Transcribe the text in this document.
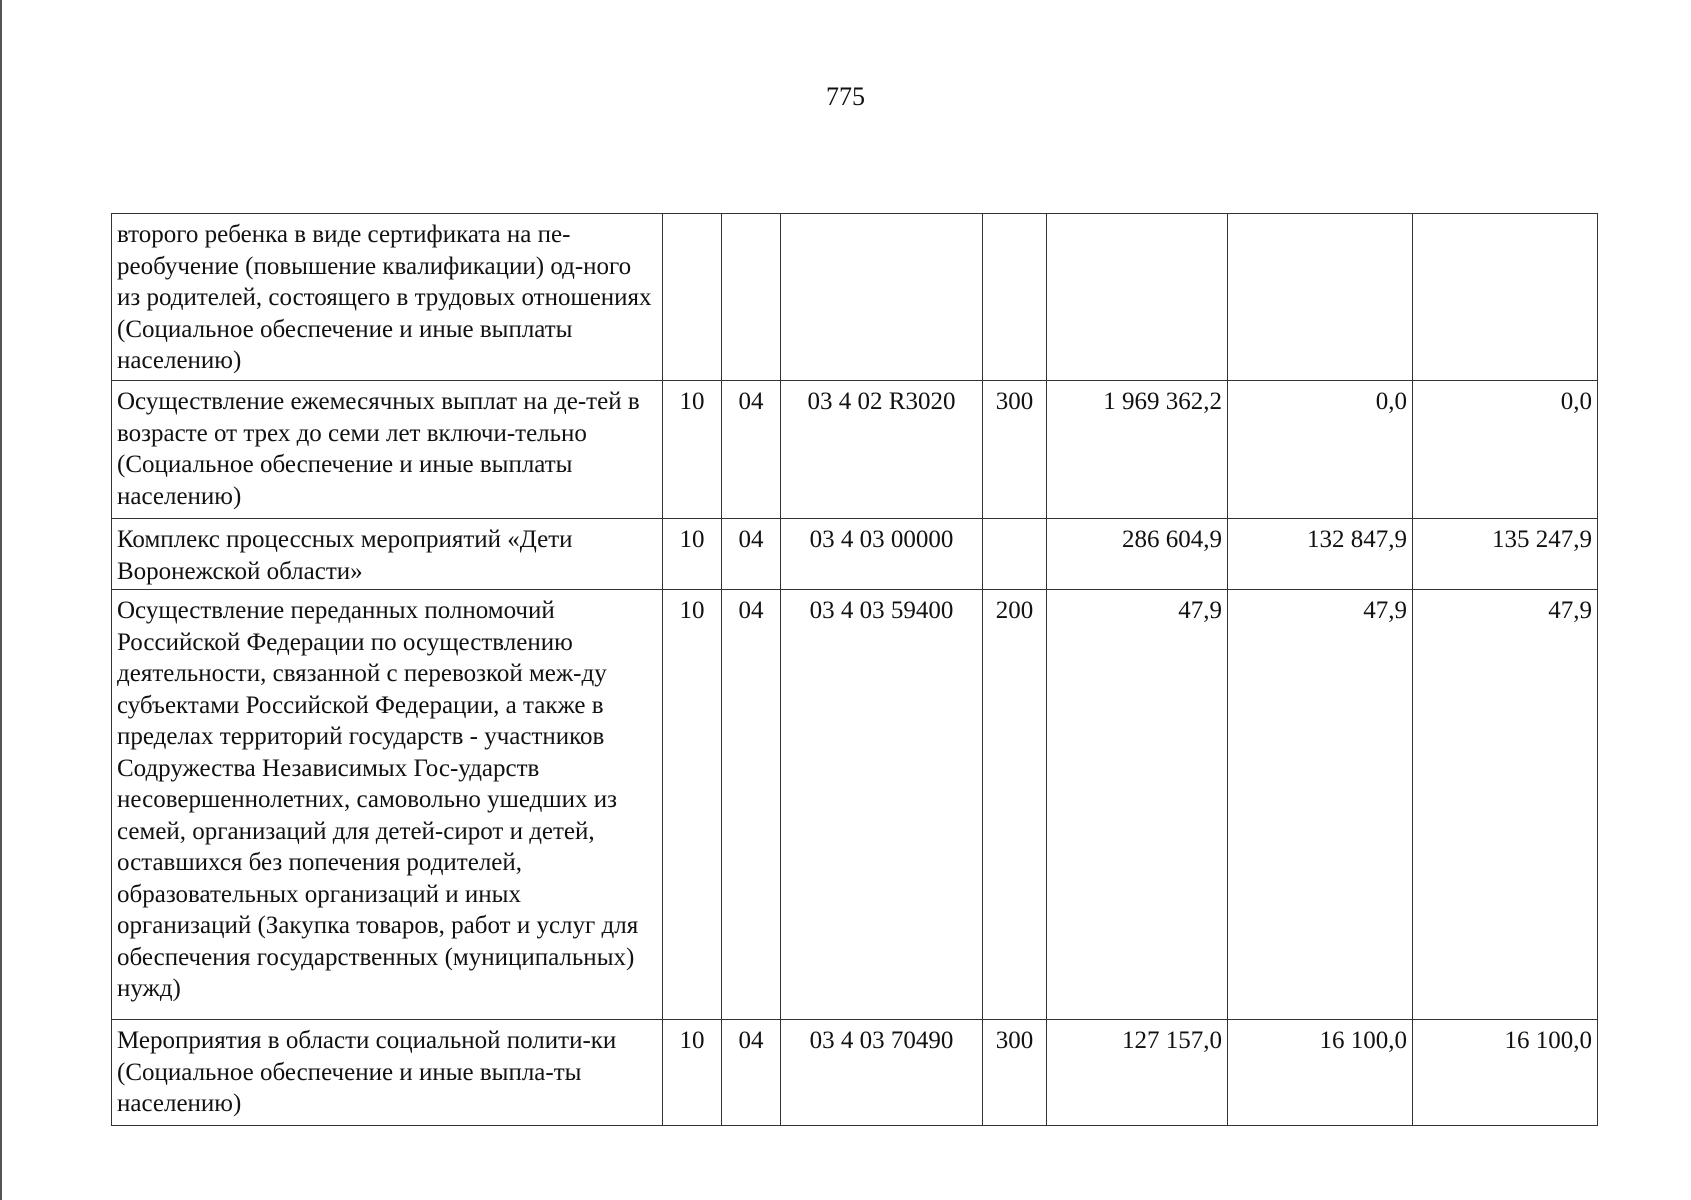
775
второго ребенка в виде сертификата на пе-реобучение (повышение квалификации) од-ного из родителей, состоящего в трудовых отношениях (Социальное обеспечение и иные выплаты населению)							
Осуществление ежемесячных выплат на де-тей в возрасте от трех до семи лет включи-тельно (Социальное обеспечение и иные выплаты населению)	10	04	03 4 02 R3020	300	1 969 362,2	0,0	0,0
Комплекс процессных мероприятий «Дети Воронежской области»	10	04	03 4 03 00000		286 604,9	132 847,9	135 247,9
Осуществление переданных полномочий Российской Федерации по осуществлению деятельности, связанной с перевозкой меж-ду субъектами Российской Федерации, а также в пределах территорий государств - участников Содружества Независимых Гос-ударств несовершеннолетних, самовольно ушедших из семей, организаций для детей-сирот и детей, оставшихся без попечения родителей, образовательных организаций и иных организаций (Закупка товаров, работ и услуг для обеспечения государственных (муниципальных) нужд)	10	04	03 4 03 59400	200	47,9	47,9	47,9
Мероприятия в области социальной полити-ки (Социальное обеспечение и иные выпла-ты населению)	10	04	03 4 03 70490	300	127 157,0	16 100,0	16 100,0
